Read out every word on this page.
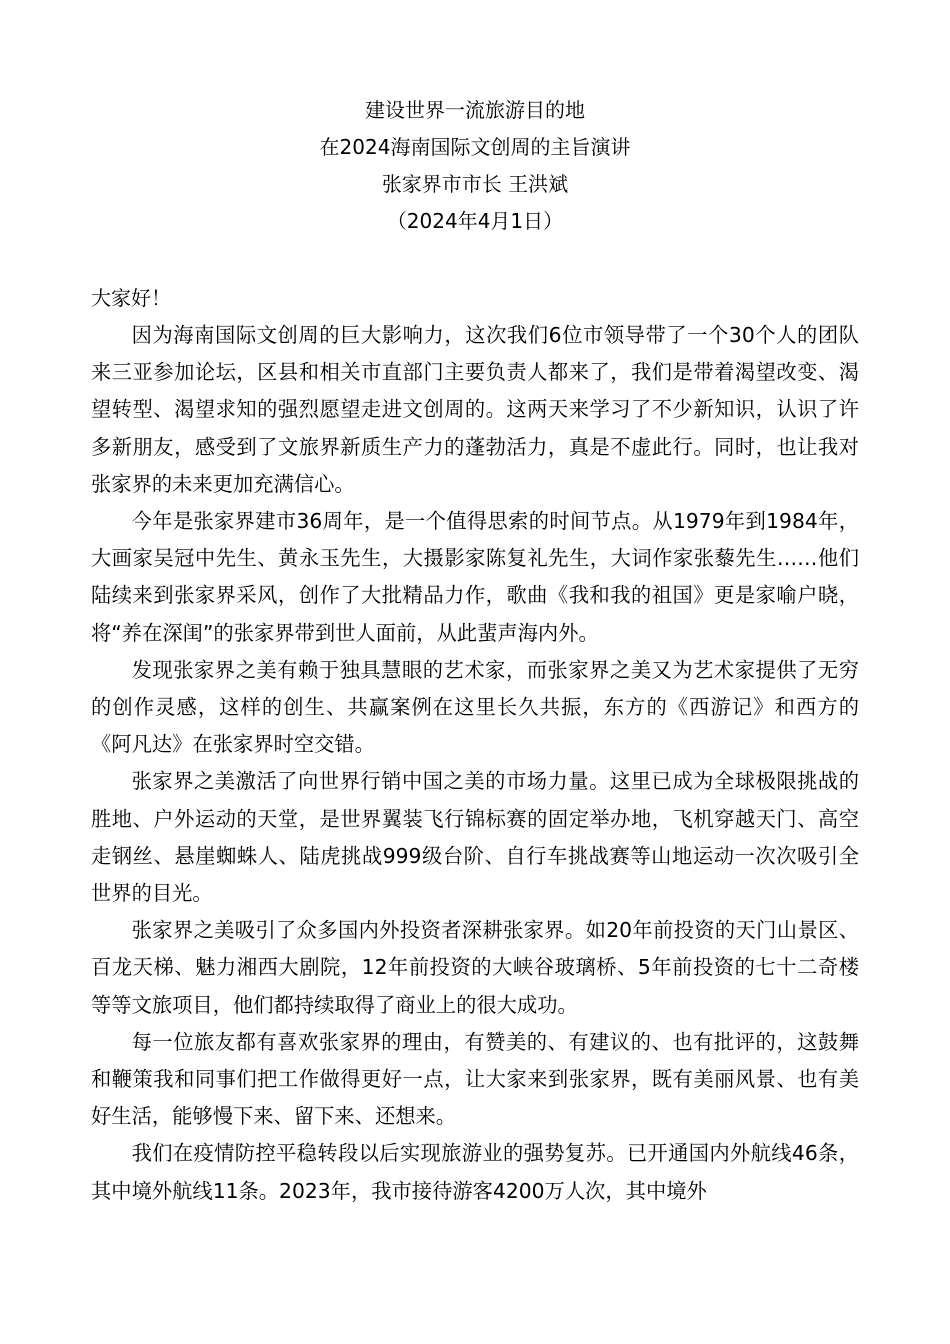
建设世界一流旅游目的地
在2024海南国际文创周的主旨演讲
张家界市市长 王洪斌
（2024年4月1日）
大家好！

因为海南国际文创周的巨大影响力，这次我们6位市领导带了一个30个人的团队来三亚参加论坛，区县和相关市直部门主要负责人都来了，我们是带着渴望改变、渴望转型、渴望求知的强烈愿望走进文创周的。这两天来学习了不少新知识，认识了许多新朋友，感受到了文旅界新质生产力的蓬勃活力，真是不虚此行。同时，也让我对张家界的未来更加充满信心。

今年是张家界建市36周年，是一个值得思索的时间节点。从1979年到1984年，大画家吴冠中先生、黄永玉先生，大摄影家陈复礼先生，大词作家张藜先生……他们陆续来到张家界采风，创作了大批精品力作，歌曲《我和我的祖国》更是家喻户晓，将“养在深闺”的张家界带到世人面前，从此蜚声海内外。

发现张家界之美有赖于独具慧眼的艺术家，而张家界之美又为艺术家提供了无穷的创作灵感，这样的创生、共赢案例在这里长久共振，东方的《西游记》和西方的《阿凡达》在张家界时空交错。

张家界之美激活了向世界行销中国之美的市场力量。这里已成为全球极限挑战的胜地、户外运动的天堂，是世界翼装飞行锦标赛的固定举办地，飞机穿越天门、高空走钢丝、悬崖蜘蛛人、陆虎挑战999级台阶、自行车挑战赛等山地运动一次次吸引全世界的目光。

张家界之美吸引了众多国内外投资者深耕张家界。如20年前投资的天门山景区、百龙天梯、魅力湘西大剧院，12年前投资的大峡谷玻璃桥、5年前投资的七十二奇楼等等文旅项目，他们都持续取得了商业上的很大成功。

每一位旅友都有喜欢张家界的理由，有赞美的、有建议的、也有批评的，这鼓舞和鞭策我和同事们把工作做得更好一点，让大家来到张家界，既有美丽风景、也有美好生活，能够慢下来、留下来、还想来。

我们在疫情防控平稳转段以后实现旅游业的强势复苏。已开通国内外航线46条，其中境外航线11条。2023年，我市接待游客4200万人次，其中境外
